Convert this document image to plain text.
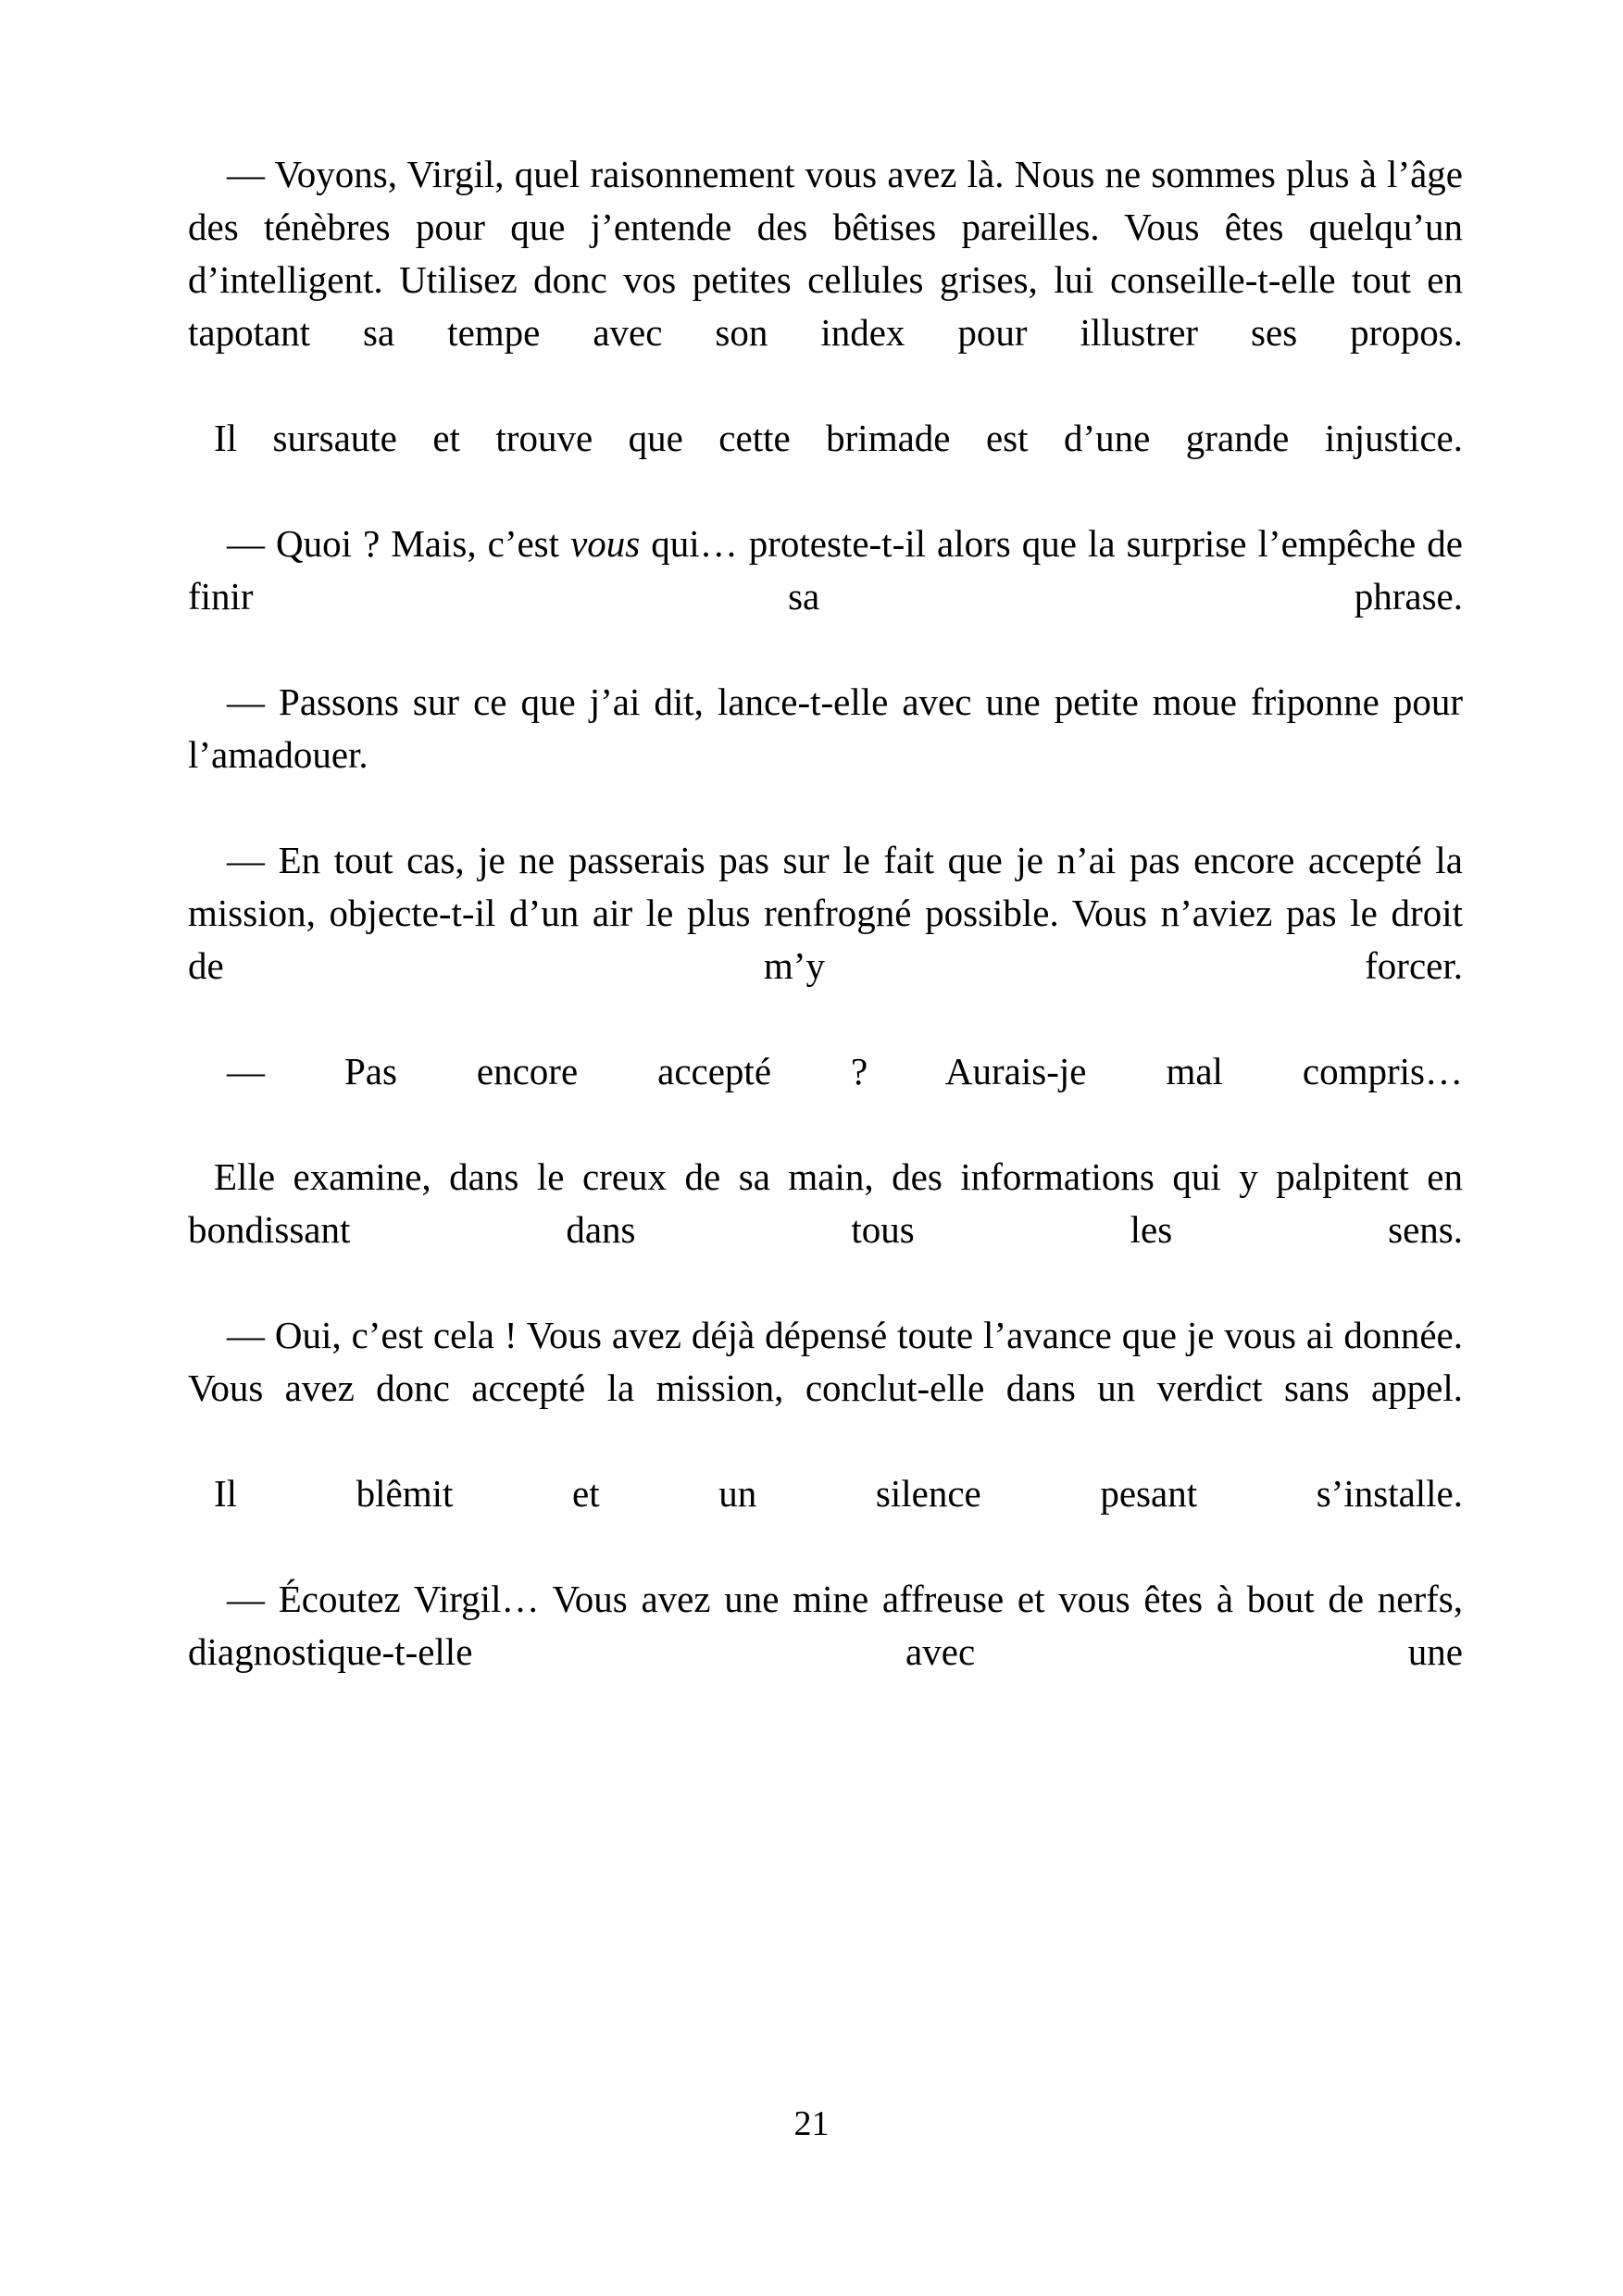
— Voyons, Virgil, quel raisonnement vous avez là. Nous ne sommes plus à l’âge des ténèbres pour que j’entende des bêtises pareilles. Vous êtes quelqu’un d’intelligent. Utilisez donc vos petites cellules grises, lui conseille-t-elle tout en tapotant sa tempe avec son index pour illustrer ses propos.

Il sursaute et trouve que cette brimade est d’une grande injustice.

— Quoi ? Mais, c’est vous qui… proteste-t-il alors que la surprise l’empêche de finir sa phrase.

— Passons sur ce que j’ai dit, lance-t-elle avec une petite moue friponne pour l’amadouer.

— En tout cas, je ne passerais pas sur le fait que je n’ai pas encore accepté la mission, objecte-t-il d’un air le plus renfrogné possible. Vous n’aviez pas le droit de m’y forcer.

— Pas encore accepté ? Aurais-je mal compris…

Elle examine, dans le creux de sa main, des informations qui y palpitent en bondissant dans tous les sens.

— Oui, c’est cela ! Vous avez déjà dépensé toute l’avance que je vous ai donnée. Vous avez donc accepté la mission, conclut-elle dans un verdict sans appel.

Il blêmit et un silence pesant s’installe.

— Écoutez Virgil… Vous avez une mine affreuse et vous êtes à bout de nerfs, diagnostique-t-elle avec une

21
